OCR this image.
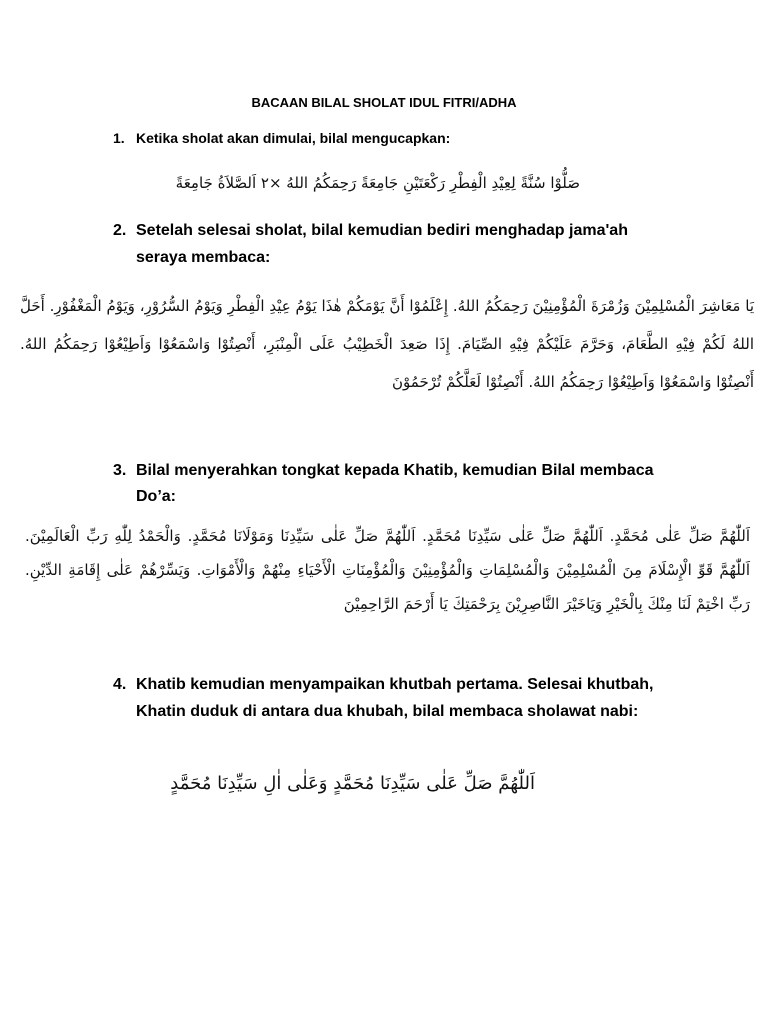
BACAAN BILAL SHOLAT IDUL FITRI/ADHA
1. Ketika sholat akan dimulai, bilal mengucapkan:
صَلُّوْا سُنَّةً لِعِيْدِ الْفِطْرِ رَكْعَتَيْنِ جَامِعَةً رَحِمَكُمُ اللهُ ×٢ اَلصَّلاَةُ جَامِعَةً
2. Setelah selesai sholat, bilal kemudian bediri menghadap jama'ah seraya membaca:
يَا مَعَاشِرَ الْمُسْلِمِيْنَ وَزُمْرَةَ الْمُؤْمِنِيْنَ رَحِمَكُمُ اللهُ. إِعْلَمُوْا أَنَّ يَوْمَكُمْ هٰذَا يَوْمُ عِيْدِ الْفِطْرِ وَيَوْمُ السُّرُوْرِ، وَيَوْمُ الْمَغْفُوْرِ. أَحَلَّ اللهُ لَكُمْ فِيْهِ الطَّعَامَ، وَحَرَّمَ عَلَيْكُمْ فِيْهِ الصِّيَامَ. إِذَا صَعِدَ الْخَطِيْبُ عَلَى الْمِنْبَرِ، أَنْصِتُوْا وَاسْمَعُوْا وَاَطِيْعُوْا رَحِمَكُمُ اللهُ. أَنْصِتُوْا وَاسْمَعُوْا وَاَطِيْعُوْا رَحِمَكُمُ اللهُ. أَنْصِتُوْا لَعَلَّكُمْ تُرْحَمُوْنَ
3. Bilal menyerahkan tongkat kepada Khatib, kemudian Bilal membaca Do’a:
اَللّٰهُمَّ صَلِّ عَلٰى مُحَمَّدٍ. اَللّٰهُمَّ صَلِّ عَلٰى سَيِّدِنَا مُحَمَّدٍ. اَللّٰهُمَّ صَلِّ عَلٰى سَيِّدِنَا وَمَوْلَانَا مُحَمَّدٍ. وَالْحَمْدُ لِلّٰهِ رَبِّ الْعَالَمِيْنَ. اَللّٰهُمَّ قَوِّ الْإِسْلَامَ مِنَ الْمُسْلِمِيْنَ وَالْمُسْلِمَاتِ وَالْمُؤْمِنِيْنَ وَالْمُؤْمِنَاتِ الْأَحْيَاءِ مِنْهُمْ وَالْأَمْوَاتِ. وَيَسِّرْهُمْ عَلٰى إِقَامَةِ الدِّيْنِ. رَبِّ اخْتِمْ لَنَا مِنْكَ بِالْخَيْرِ وَيَاخَيْرَ النَّاصِرِيْنَ بِرَحْمَتِكَ يَا أَرْحَمَ الرَّاحِمِيْنَ
4. Khatib kemudian menyampaikan khutbah pertama. Selesai khutbah, Khatin duduk di antara dua khubah, bilal membaca sholawat nabi:
اَللّٰهُمَّ صَلِّ عَلٰى سَيِّدِنَا مُحَمَّدٍ وَعَلٰى اٰلِ سَيِّدِنَا مُحَمَّدٍ
